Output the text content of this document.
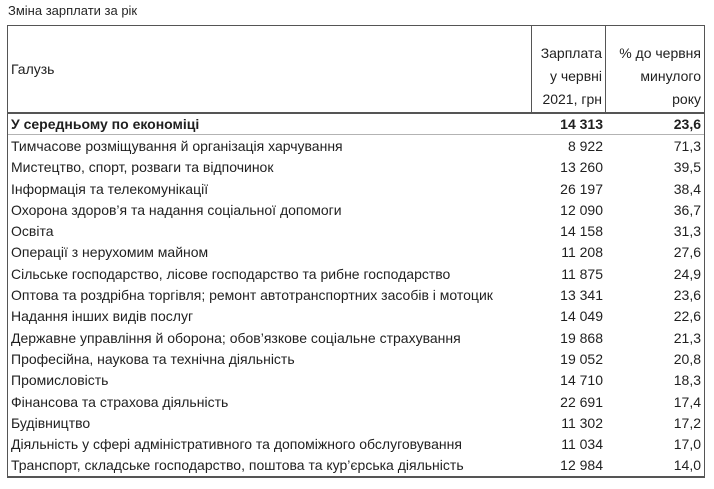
Зміна зарплати за рік
Галузь
Зарплата
у червні
2021, грн
% до червня
минулого
року
У середньому по економіці	14 313	23,6
Тимчасове розміщування й організація харчування	8 922	71,3
Мистецтво, спорт, розваги та відпочинок	13 260	39,5
Інформація та телекомунікації	26 197	38,4
Охорона здоров’я та надання соціальної допомоги	12 090	36,7
Освіта	14 158	31,3
Операції з нерухомим майном	11 208	27,6
Сільське господарство, лісове господарство та рибне господарство	11 875	24,9
Оптова та роздрібна торгівля; ремонт автотранспортних засобів і мотоцик	13 341	23,6
Надання інших видів послуг	14 049	22,6
Державне управління й оборона; обов’язкове соціальне страхування	19 868	21,3
Професійна, наукова та технічна діяльність	19 052	20,8
Промисловість	14 710	18,3
Фінансова та страхова діяльність	22 691	17,4
Будівництво	11 302	17,2
Діяльність у сфері адміністративного та допоміжного обслуговування	11 034	17,0
Транспорт, складське господарство, поштова та кур’єрська діяльність	12 984	14,0
